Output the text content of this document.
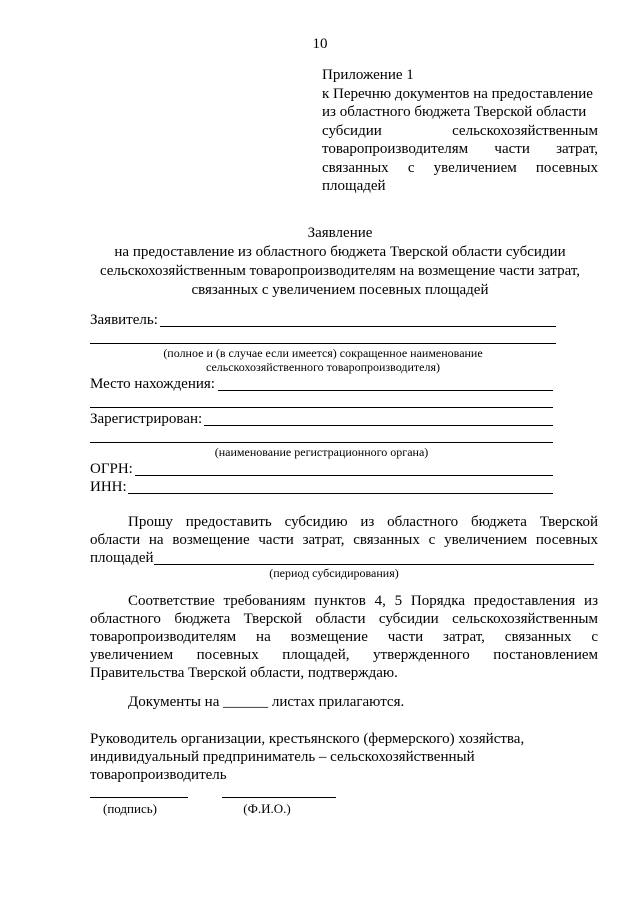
10
Приложение 1
к Перечню документов на предоставление
из областного бюджета Тверской области
субсидии сельскохозяйственным
товаропроизводителям части затрат,
связанных с увеличением посевных
площадей
Заявление
на предоставление из областного бюджета Тверской области субсидии
сельскохозяйственным товаропроизводителям на возмещение части затрат,
связанных с увеличением посевных площадей
Заявитель:
(полное и (в случае если имеется) сокращенное наименование
сельскохозяйственного товаропроизводителя)
Место нахождения:
Зарегистрирован:
(наименование регистрационного органа)
ОГРН:
ИНН:
Прошу предоставить субсидию из областного бюджета Тверской
области на возмещение части затрат, связанных с увеличением посевных
площадей
(период субсидирования)
Соответствие требованиям пунктов 4, 5 Порядка предоставления из
областного бюджета Тверской области субсидии сельскохозяйственным
товаропроизводителям на возмещение части затрат, связанных с
увеличением посевных площадей, утвержденного постановлением
Правительства Тверской области, подтверждаю.
Документы на ______ листах прилагаются.
Руководитель организации, крестьянского (фермерского) хозяйства,
индивидуальный предприниматель – сельскохозяйственный
товаропроизводитель
(подпись)	(Ф.И.О.)
